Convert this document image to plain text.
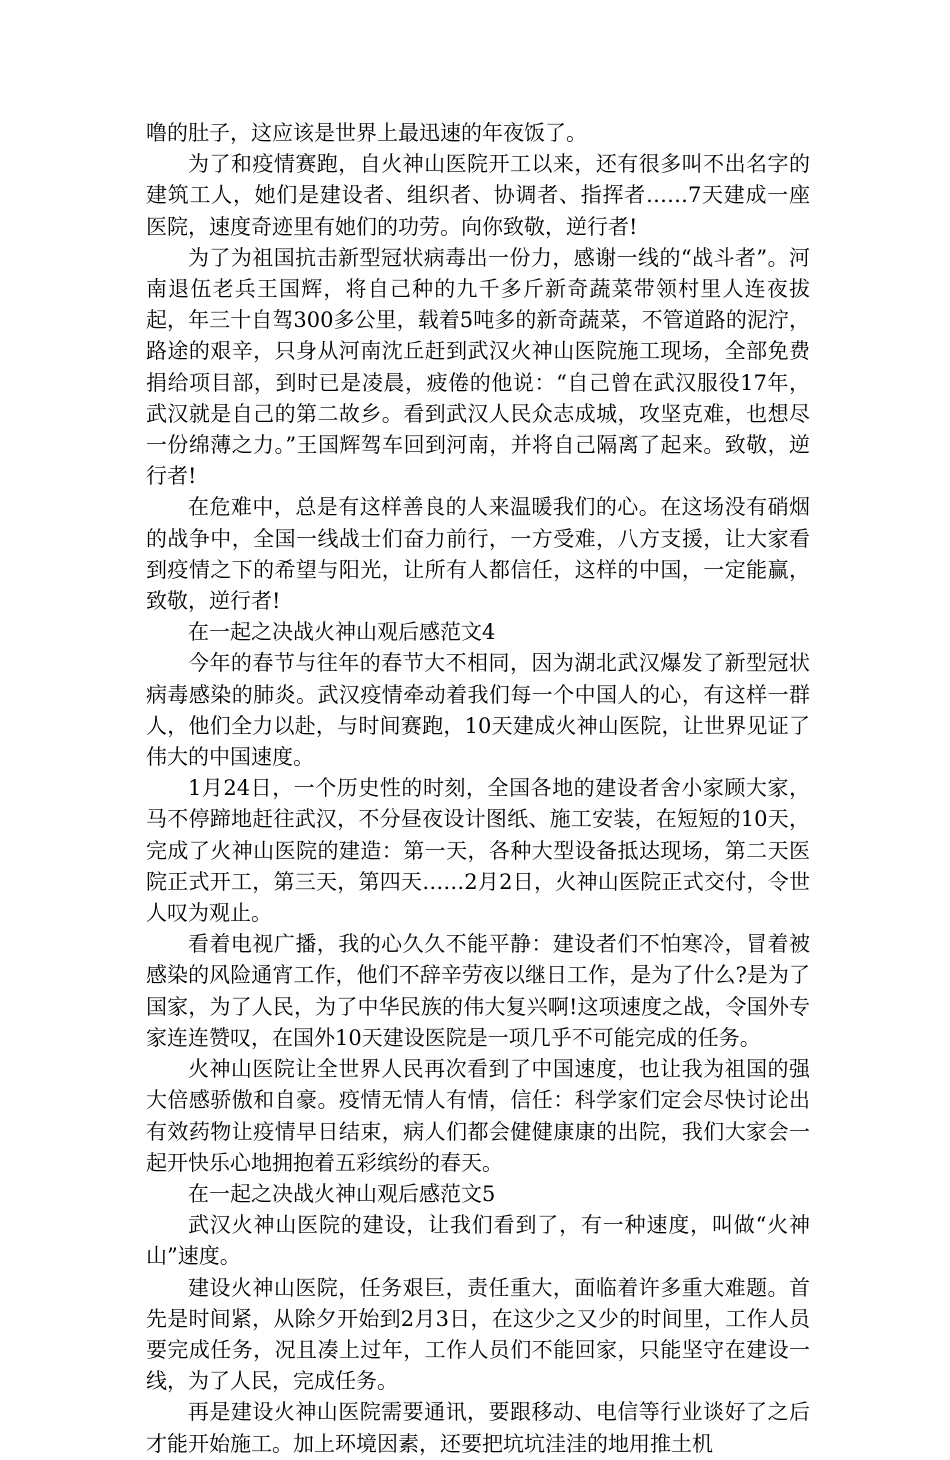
噜的肚子，这应该是世界上最迅速的年夜饭了。

为了和疫情赛跑，自火神山医院开工以来，还有很多叫不出名字的建筑工人，她们是建设者、组织者、协调者、指挥者……7天建成一座医院，速度奇迹里有她们的功劳。向你致敬，逆行者!

为了为祖国抗击新型冠状病毒出一份力，感谢一线的“战斗者”。河南退伍老兵王国辉，将自己种的九千多斤新奇蔬菜带领村里人连夜拔起，年三十自驾300多公里，载着5吨多的新奇蔬菜，不管道路的泥泞，路途的艰辛，只身从河南沈丘赶到武汉火神山医院施工现场，全部免费捐给项目部，到时已是凌晨，疲倦的他说：“自己曾在武汉服役17年，武汉就是自己的第二故乡。看到武汉人民众志成城，攻坚克难，也想尽一份绵薄之力。”王国辉驾车回到河南，并将自己隔离了起来。致敬，逆行者!

在危难中，总是有这样善良的人来温暖我们的心。在这场没有硝烟的战争中，全国一线战士们奋力前行，一方受难，八方支援，让大家看到疫情之下的希望与阳光，让所有人都信任，这样的中国，一定能赢，致敬，逆行者!

在一起之决战火神山观后感范文4

今年的春节与往年的春节大不相同，因为湖北武汉爆发了新型冠状病毒感染的肺炎。武汉疫情牵动着我们每一个中国人的心，有这样一群人，他们全力以赴，与时间赛跑，10天建成火神山医院，让世界见证了伟大的中国速度。

1月24日，一个历史性的时刻，全国各地的建设者舍小家顾大家，马不停蹄地赶往武汉，不分昼夜设计图纸、施工安装，在短短的10天，完成了火神山医院的建造：第一天，各种大型设备抵达现场，第二天医院正式开工，第三天，第四天……2月2日，火神山医院正式交付，令世人叹为观止。

看着电视广播，我的心久久不能平静：建设者们不怕寒冷，冒着被感染的风险通宵工作，他们不辞辛劳夜以继日工作，是为了什么?是为了国家，为了人民，为了中华民族的伟大复兴啊!这项速度之战，令国外专家连连赞叹，在国外10天建设医院是一项几乎不可能完成的任务。

火神山医院让全世界人民再次看到了中国速度，也让我为祖国的强大倍感骄傲和自豪。疫情无情人有情，信任：科学家们定会尽快讨论出有效药物让疫情早日结束，病人们都会健健康康的出院，我们大家会一起开快乐心地拥抱着五彩缤纷的春天。

在一起之决战火神山观后感范文5

武汉火神山医院的建设，让我们看到了，有一种速度，叫做“火神山”速度。

建设火神山医院，任务艰巨，责任重大，面临着许多重大难题。首先是时间紧，从除夕开始到2月3日，在这少之又少的时间里，工作人员要完成任务，况且凑上过年，工作人员们不能回家，只能坚守在建设一线，为了人民，完成任务。

再是建设火神山医院需要通讯，要跟移动、电信等行业谈好了之后才能开始施工。加上环境因素，还要把坑坑洼洼的地用推土机
